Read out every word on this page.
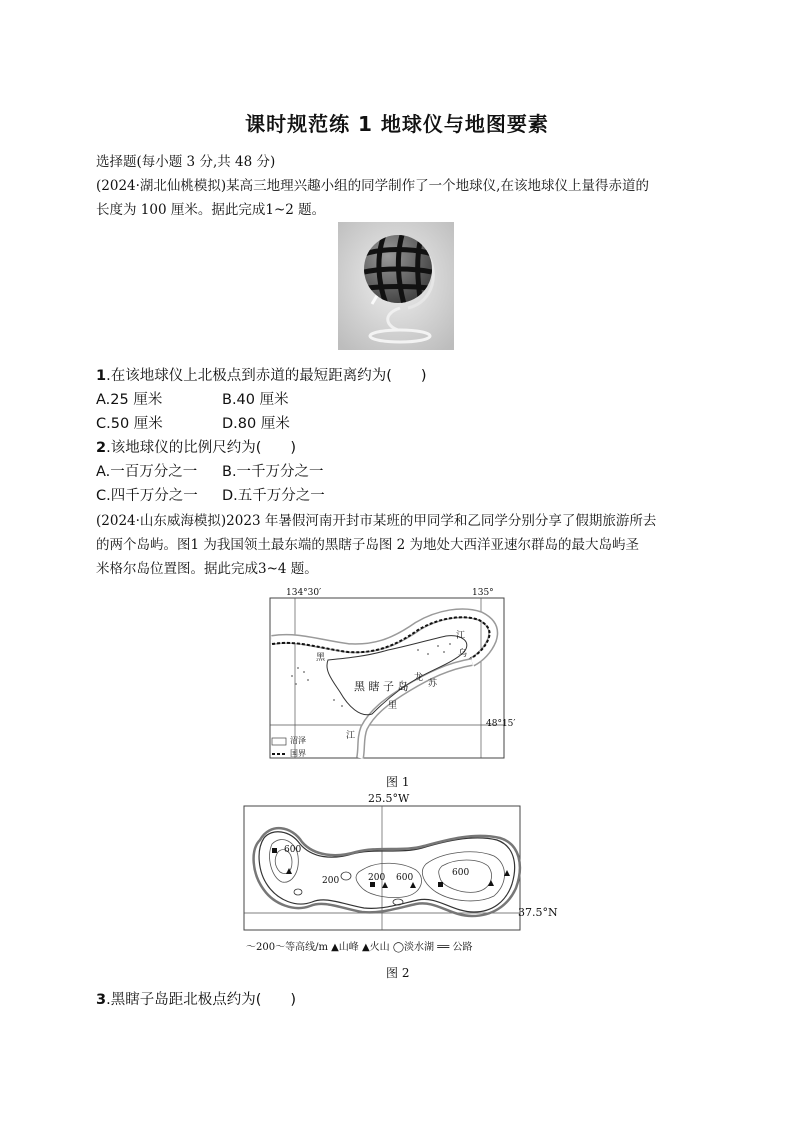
课时规范练 1 地球仪与地图要素
选择题(每小题 3 分,共 48 分)
(2024·湖北仙桃模拟)某高三地理兴趣小组的同学制作了一个地球仪,在该地球仪上量得赤道的
长度为 100 厘米。据此完成1~2 题。
1.在该地球仪上北极点到赤道的最短距离约为(　　)
A.25 厘米	B.40 厘米
C.50 厘米	D.80 厘米
2.该地球仪的比例尺约为(　　)
A.一百万分之一 B.一千万分之一
C.四千万分之一 D.五千万分之一
(2024·山东威海模拟)2023 年暑假河南开封市某班的甲同学和乙同学分别分享了假期旅游所去
的两个岛屿。图1 为我国领土最东端的黑瞎子岛图 2 为地处大西洋亚速尔群岛的最大岛屿圣
米格尔岛位置图。据此完成3~4 题。
134°30′	135°
48°15′
黑 瞎 子 岛
黑
龙
江
乌
苏
里
江
沼泽
国界
图 1
25.5°W
37.5°N
600
200	200 600	600
～200～等高线/m ▲山峰 ▲火山 ◯淡水湖 ══ 公路
图 2
3.黑瞎子岛距北极点约为(　　)
